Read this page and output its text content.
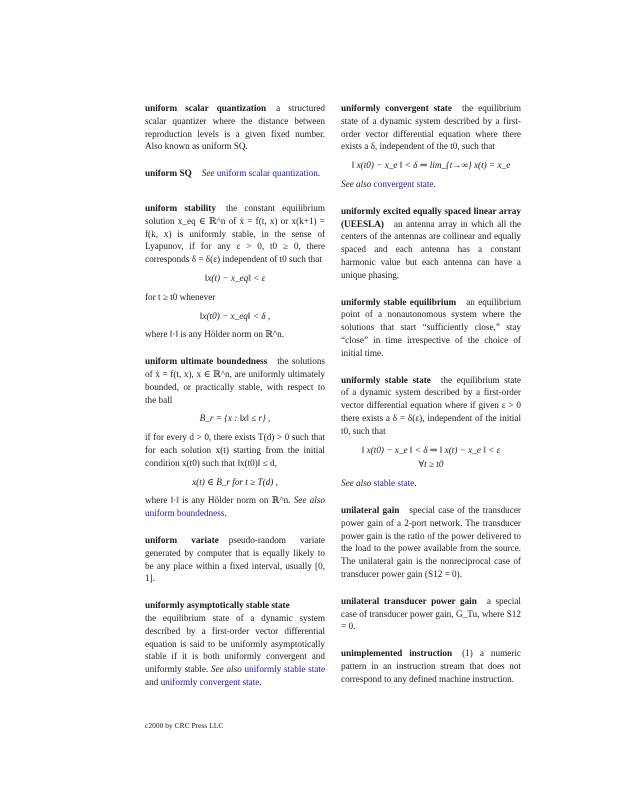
uniform scalar quantization a structured scalar quantizer where the distance between reproduction levels is a given fixed number. Also known as uniform SQ.

uniform SQ See uniform scalar quantization.

uniform stability the constant equilibrium solution x_eq ∈ ℝ^n of ẋ = f(t, x) or x(k+1) = f(k, x) is uniformly stable, in the sense of Lyapunov, if for any ε > 0, t0 ≥ 0, there corresponds δ = δ(ε) independent of t0 such that
‖x(t) − x_eq‖ < ε
for t ≥ t0 whenever
‖x(t0) − x_eq‖ < δ ,
where ‖·‖ is any Hölder norm on ℝ^n.

uniform ultimate boundedness the solutions of ẋ = f(t, x), x ∈ ℝ^n, are uniformly ultimately bounded, or practically stable, with respect to the ball
B_r = {x : ‖x‖ ≤ r} ,
if for every d > 0, there exists T(d) > 0 such that for each solution x(t) starting from the initial condition x(t0) such that ‖x(t0)‖ ≤ d,
x(t) ∈ B_r for t ≥ T(d) ,
where ‖·‖ is any Hölder norm on ℝ^n. See also uniform boundedness.

uniform variate pseudo-random variate generated by computer that is equally likely to be any place within a fixed interval, usually [0, 1].

uniformly asymptotically stable state
the equilibrium state of a dynamic system described by a first-order vector differential equation is said to be uniformly asymptotically stable if it is both uniformly convergent and uniformly stable. See also uniformly stable state and uniformly convergent state.

uniformly convergent state the equilibrium state of a dynamic system described by a first-order vector differential equation where there exists a δ, independent of the t0, such that
‖ x(t0) − x_e ‖ < δ ⇒ lim_{t→∞} x(t) = x_e
See also convergent state.

uniformly excited equally spaced linear array (UEESLA) an antenna array in which all the centers of the antennas are collinear and equally spaced and each antenna has a constant harmonic value but each antenna can have a unique phasing.

uniformly stable equilibrium an equilibrium point of a nonautonomous system where the solutions that start “sufficiently close,” stay “close” in time irrespective of the choice of initial time.

uniformly stable state the equilibrium state of a dynamic system described by a first-order vector differential equation where if given ε > 0 there exists a δ = δ(ε), independent of the initial t0, such that
‖ x(t0) − x_e ‖ < δ ⇒ ‖ x(t) − x_e ‖ < ε
∀t ≥ t0
See also stable state.

unilateral gain special case of the transducer power gain of a 2-port network. The transducer power gain is the ratio of the power delivered to the load to the power available from the source. The unilateral gain is the nonreciprocal case of transducer power gain (S12 = 0).

unilateral transducer power gain a special case of transducer power gain, G_Tu, where S12 = 0.

unimplemented instruction (1) a numeric pattern in an instruction stream that does not correspond to any defined machine instruction.

c2000 by CRC Press LLC
